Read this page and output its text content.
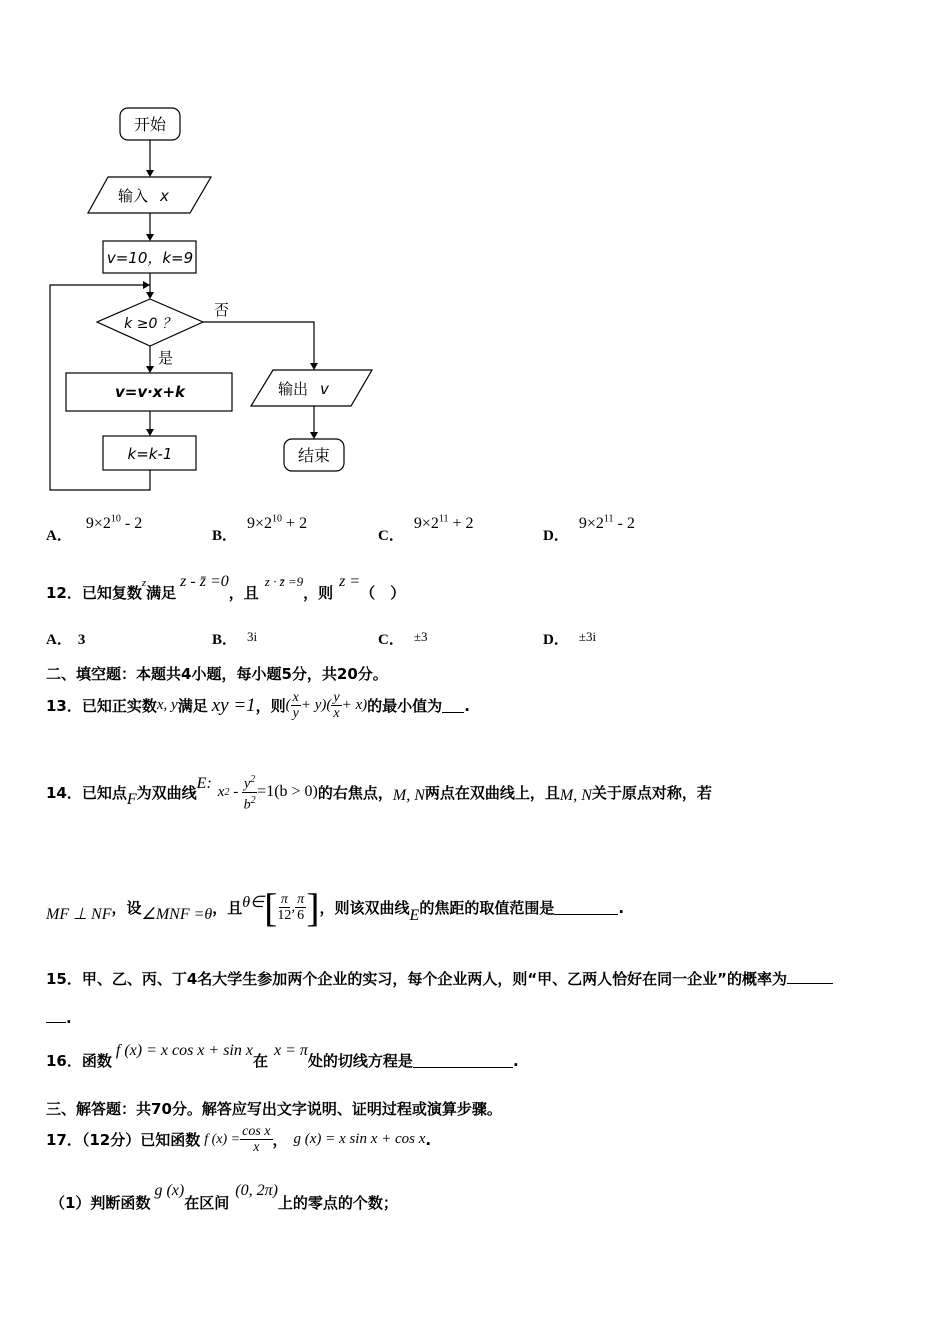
开始
输入 x
v=10，k=9
k ≥0 ？
否
是
v=v·x+k
k=k-1
输出 v
结束
A．$9\times 2^{10} - 2$
B．$9\times 2^{10} + 2$
C．$9\times 2^{11} + 2$
D．$9\times 2^{11} - 2$
12．已知复数z满足z - z̄ =0，且z · z̄ =9，则z =（　）
A． 3	B． 3i	C． ±3	D． ±3i
二、填空题：本题共4小题，每小题5分，共20分。
13．已知正实数 x, y 满足 xy =1 ，则 ( $\frac{x}{y} + y)( \frac{y}{x} + x)$ 的最小值为 .
14．已知点 F 为双曲线 E: x $2 - \frac{y^2}{b^2} =1(b > 0)$ 的右焦点， M, N 两点在双曲线上，且 M, N 关于原点对称，若
MF ⊥ NF ，设 ∠MNF =θ ，且 θ∈ [ $\frac{\pi}{12}$ , $\frac{\pi}{6}$ ] ，则该双曲线 E 的焦距的取值范围是	.
15．甲、乙、丙、丁4名大学生参加两个企业的实习，每个企业两人，则“甲、乙两人恰好在同一企业”的概率为
.
16．函数
f (x) = x cos x + sin x
在
x = π
处的切线方程是	.
三、解答题：共70分。解答应写出文字说明、证明过程或演算步骤。
17．（12分）已知函数 f $(x) = \frac{\text{cos x}}{x}$ ， g (x) = x sin x + cos x .
（1）判断函数
g (x)
在区间
(0, 2π)
上的零点的个数；
